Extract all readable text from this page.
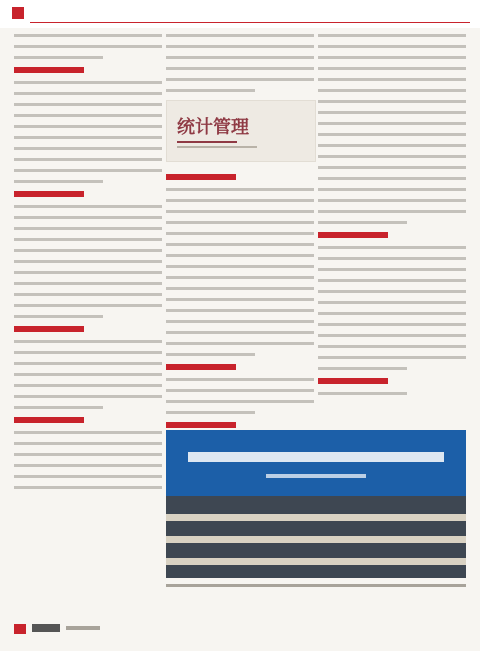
统计管理
